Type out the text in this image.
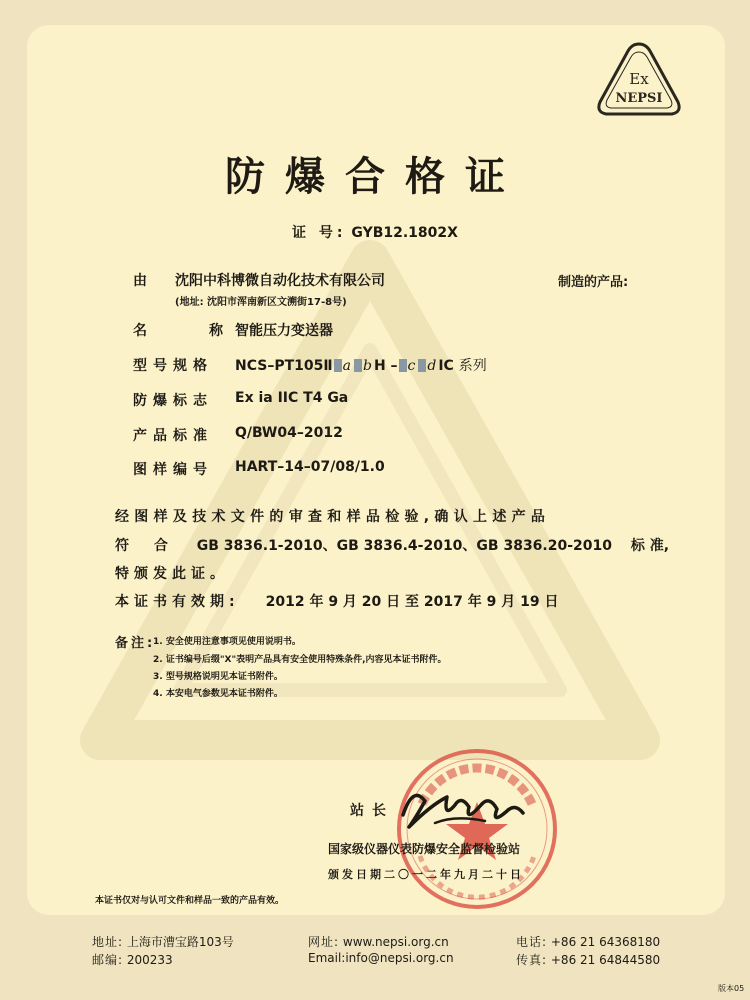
Ex
NEPSI
防爆合格证
证 号: GYB12.1802X
由 沈阳中科博微自动化技术有限公司	制造的产品:
(地址: 沈阳市浑南新区文溯街17-8号)
名	称 智能压力变送器
型号规格	NCS–PT105Ⅱ a b H – c d IC 系列
防爆标志	Ex ia IIC T4 Ga
产品标准	Q/BW04–2012
图样编号	HART–14–07/08/1.0
经图样及技术文件的审查和样品检验,确认上述产品
符 合 GB 3836.1-2010、GB 3836.4-2010、GB 3836.20-2010 标 准,
特颁发此证。
本证书有效期: 2012 年 9 月 20 日 至 2017 年 9 月 19 日
备注:
1. 安全使用注意事项见使用说明书。
2. 证书编号后缀"X"表明产品具有安全使用特殊条件,内容见本证书附件。
3. 型号规格说明见本证书附件。
4. 本安电气参数见本证书附件。
站长
国家级仪器仪表防爆安全监督检验站
颁发日期二〇一二年九月二十日
本证书仅对与认可文件和样品一致的产品有效。
地址: 上海市漕宝路103号
邮编: 200233
网址: www.nepsi.org.cn
Email:info@nepsi.org.cn
电话: +86 21 64368180
传真: +86 21 64844580
版本05
